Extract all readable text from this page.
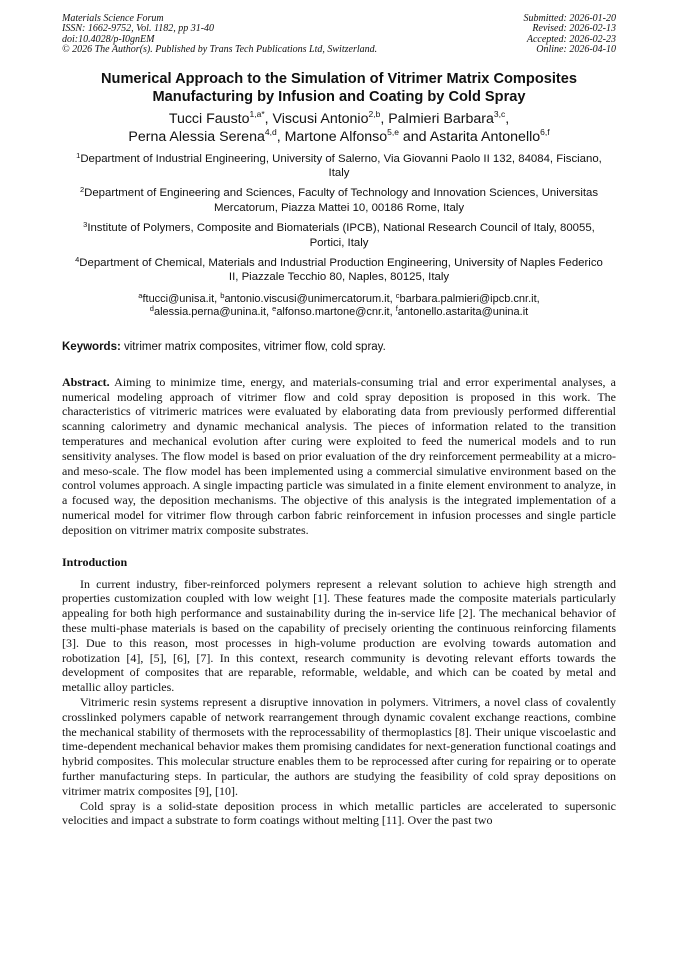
Materials Science Forum
ISSN: 1662-9752, Vol. 1182, pp 31-40
doi:10.4028/p-I0gnEM
© 2026 The Author(s). Published by Trans Tech Publications Ltd, Switzerland.
Submitted: 2026-01-20
Revised: 2026-02-13
Accepted: 2026-02-23
Online: 2026-04-10
Numerical Approach to the Simulation of Vitrimer Matrix Composites Manufacturing by Infusion and Coating by Cold Spray
Tucci Fausto$^{1,a*}$, Viscusi Antonio$^{2,b}$, Palmieri Barbara$^{3,c}$,
Perna Alessia Serena$^{4,d}$, Martone Alfonso$^{5,e}$ and Astarita Antonello$^{6,f}$
$^1$Department of Industrial Engineering, University of Salerno, Via Giovanni Paolo II 132, 84084, Fisciano, Italy
$^2$Department of Engineering and Sciences, Faculty of Technology and Innovation Sciences, Universitas Mercatorum, Piazza Mattei 10, 00186 Rome, Italy
$^3$Institute of Polymers, Composite and Biomaterials (IPCB), National Research Council of Italy, 80055, Portici, Italy
$^4$Department of Chemical, Materials and Industrial Production Engineering, University of Naples Federico II, Piazzale Tecchio 80, Naples, 80125, Italy
$^a$ftucci@unisa.it, $^b$antonio.viscusi@unimercatorum.it, $^c$barbara.palmieri@ipcb.cnr.it,
$^d$alessia.perna@unina.it, $^e$alfonso.martone@cnr.it, $^f$antonello.astarita@unina.it
Keywords: vitrimer matrix composites, vitrimer flow, cold spray.
Abstract. Aiming to minimize time, energy, and materials-consuming trial and error experimental analyses, a numerical modeling approach of vitrimer flow and cold spray deposition is proposed in this work. The characteristics of vitrimeric matrices were evaluated by elaborating data from previously performed differential scanning calorimetry and dynamic mechanical analysis. The pieces of information related to the transition temperatures and mechanical evolution after curing were exploited to feed the numerical models and to run sensitivity analyses. The flow model is based on prior evaluation of the dry reinforcement permeability at a micro- and meso-scale. The flow model has been implemented using a commercial simulative environment based on the control volumes approach. A single impacting particle was simulated in a finite element environment to analyze, in a focused way, the deposition mechanisms. The objective of this analysis is the integrated implementation of a numerical model for vitrimer flow through carbon fabric reinforcement in infusion processes and single particle deposition on vitrimer matrix composite substrates.
Introduction

In current industry, fiber-reinforced polymers represent a relevant solution to achieve high strength and properties customization coupled with low weight [1]. These features made the composite materials particularly appealing for both high performance and sustainability during the in-service life [2]. The mechanical behavior of these multi-phase materials is based on the capability of precisely orienting the continuous reinforcing filaments [3]. Due to this reason, most processes in high-volume production are evolving towards automation and robotization [4], [5], [6], [7]. In this context, research community is devoting relevant efforts towards the development of composites that are reparable, reformable, weldable, and which can be coated by metal and metallic alloy particles.

Vitrimeric resin systems represent a disruptive innovation in polymers. Vitrimers, a novel class of covalently crosslinked polymers capable of network rearrangement through dynamic covalent exchange reactions, combine the mechanical stability of thermosets with the reprocessability of thermoplastics [8]. Their unique viscoelastic and time-dependent mechanical behavior makes them promising candidates for next-generation functional coatings and hybrid composites. This molecular structure enables them to be reprocessed after curing for repairing or to operate further manufacturing steps. In particular, the authors are studying the feasibility of cold spray depositions on vitrimer matrix composites [9], [10].

Cold spray is a solid-state deposition process in which metallic particles are accelerated to supersonic velocities and impact a substrate to form coatings without melting [11]. Over the past two
